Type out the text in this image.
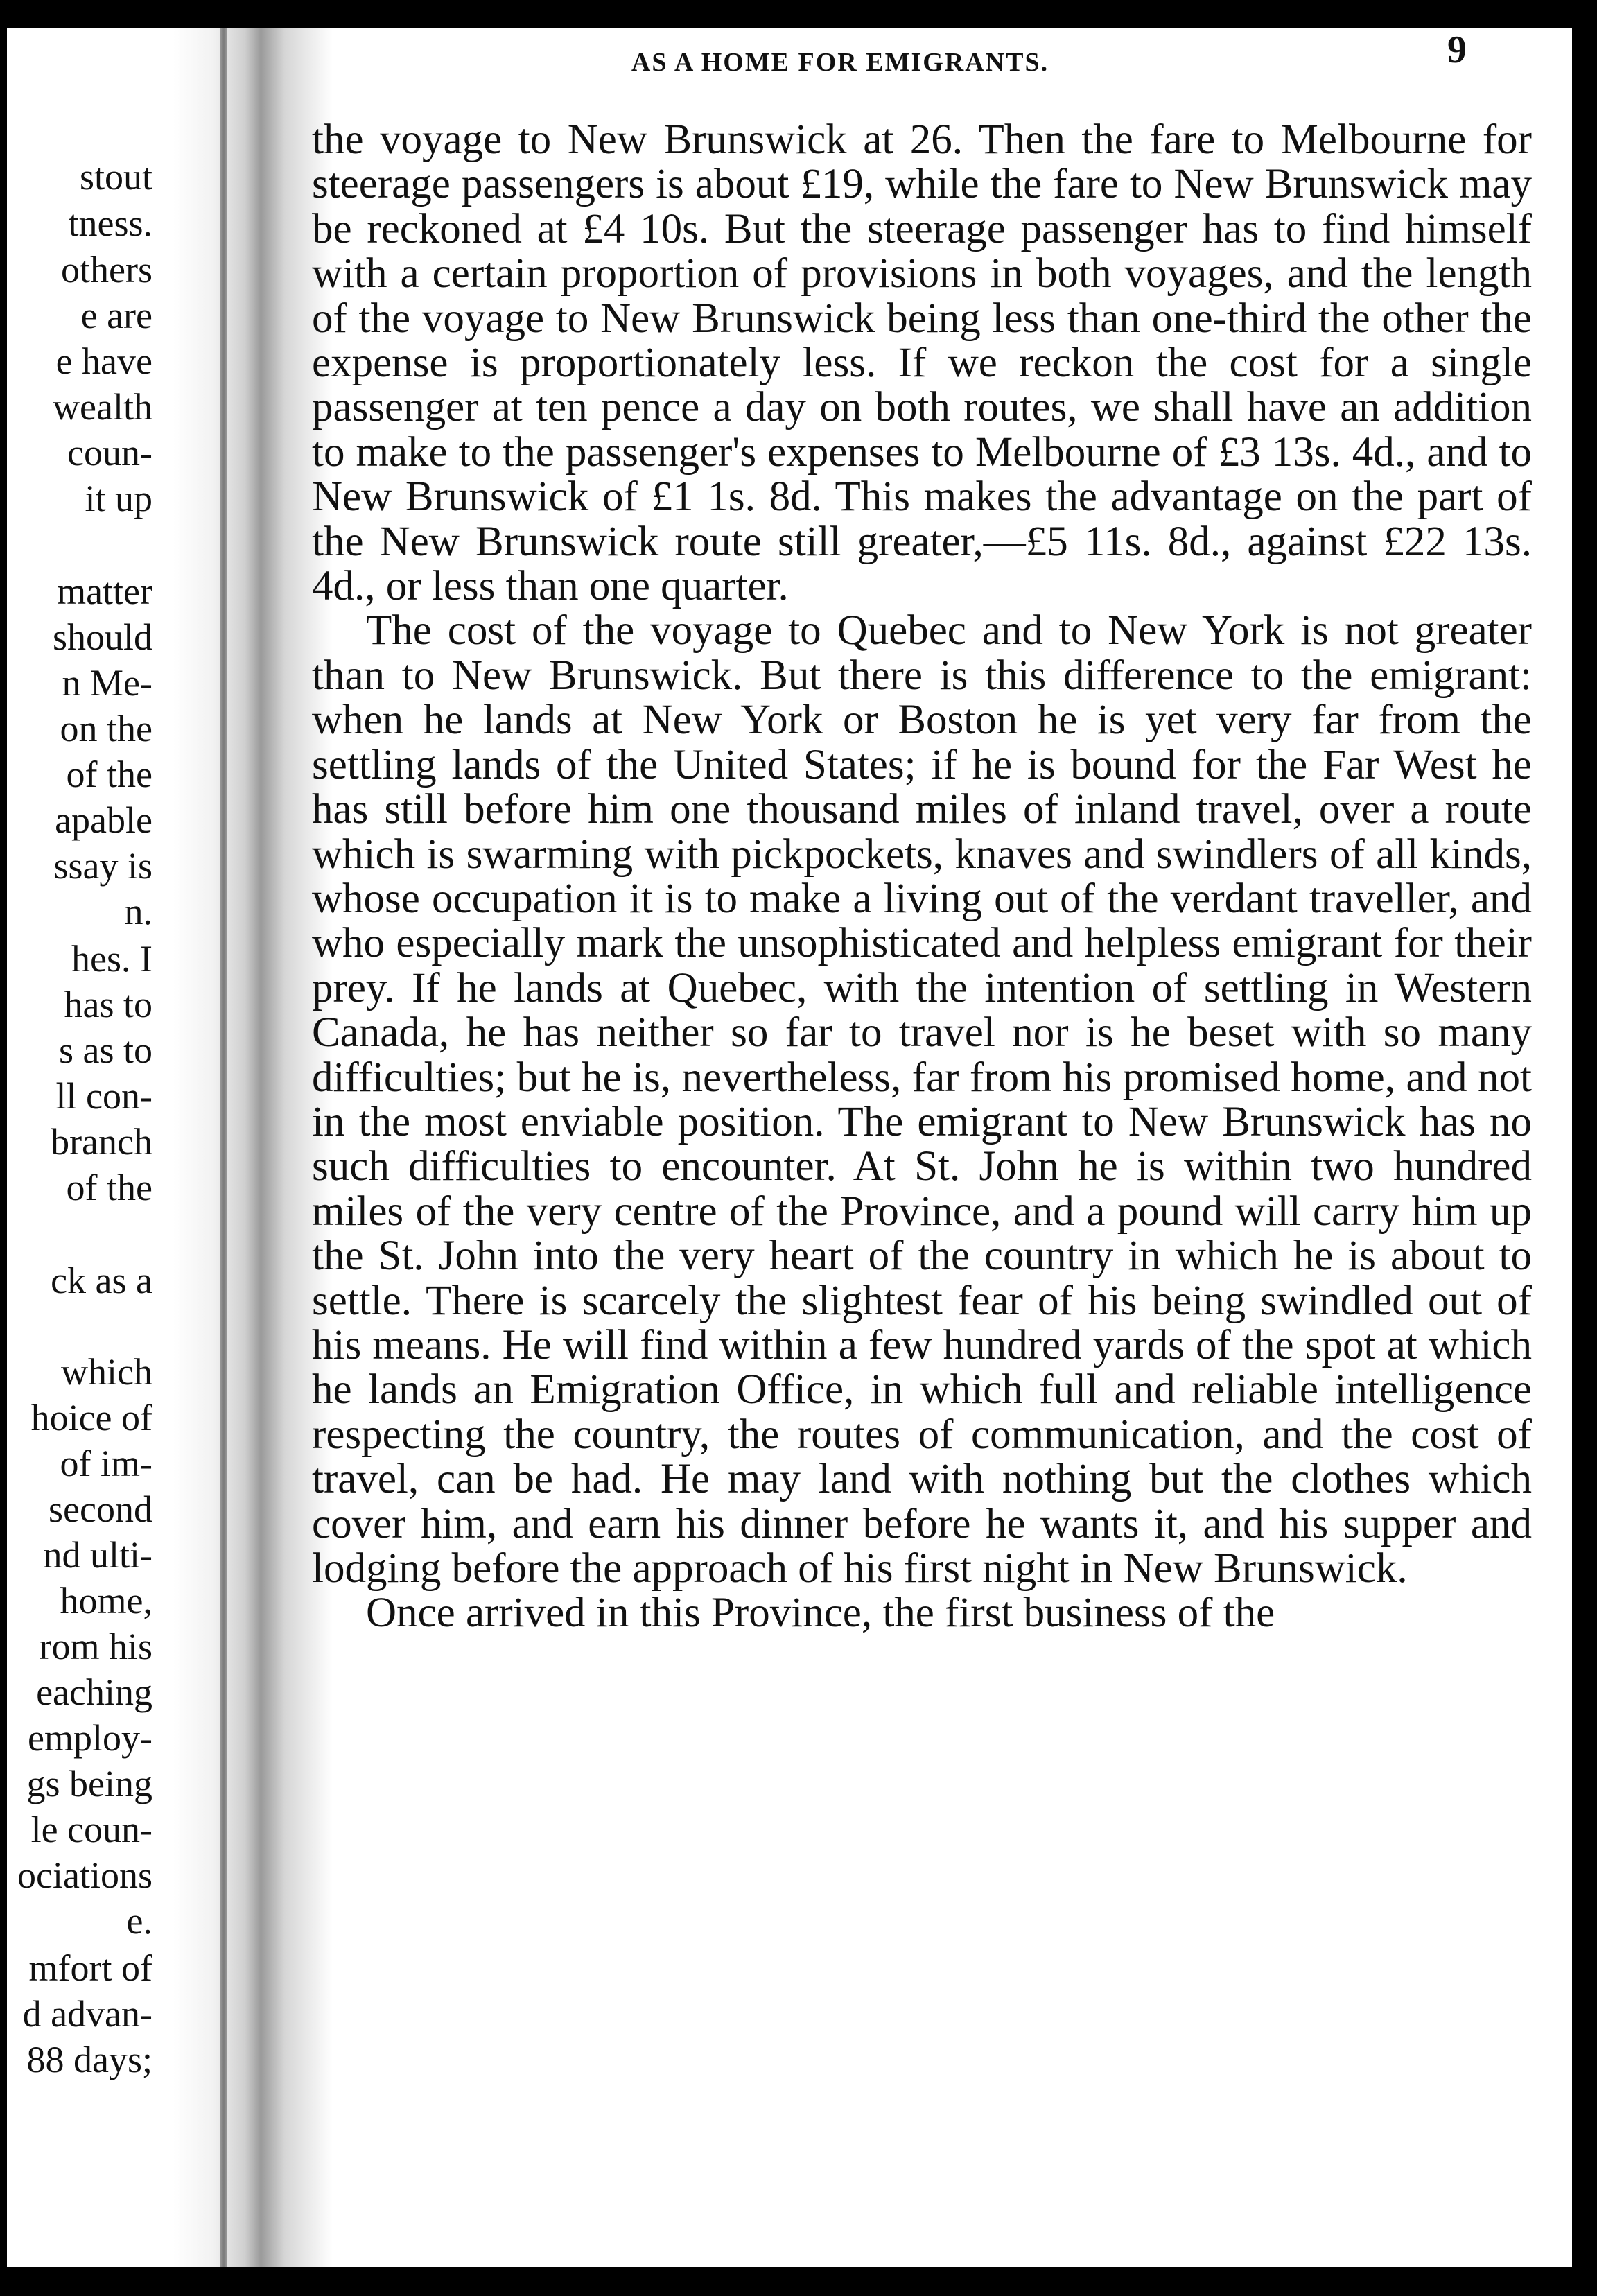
stout
tness.
others
e are
e have
wealth
coun-
it up
matter
should
n Me-
on the
of the
apable
ssay is
n.
hes. I
has to
s as to
ll con-
branch
of the
ck as a
which
hoice of
of im-
second
nd ulti-
home,
rom his
eaching
employ-
gs being
le coun-
ociations
e.
mfort of
d advan-
88 days;
AS A HOME FOR EMIGRANTS.	9

the voyage to New Brunswick at 26. Then the fare to Melbourne for steerage passengers is about £19, while the fare to New Brunswick may be reckoned at £4 10s. But the steerage passenger has to find himself with a certain proportion of provisions in both voyages, and the length of the voyage to New Brunswick being less than one-third the other the expense is proportionately less. If we reckon the cost for a single passenger at ten pence a day on both routes, we shall have an addition to make to the passenger's expenses to Melbourne of £3 13s. 4d., and to New Brunswick of £1 1s. 8d. This makes the advantage on the part of the New Brunswick route still greater,—£5 11s. 8d., against £22 13s. 4d., or less than one quarter.

The cost of the voyage to Quebec and to New York is not greater than to New Brunswick. But there is this difference to the emigrant: when he lands at New York or Boston he is yet very far from the settling lands of the United States; if he is bound for the Far West he has still before him one thousand miles of inland travel, over a route which is swarming with pickpockets, knaves and swindlers of all kinds, whose occupation it is to make a living out of the verdant traveller, and who especially mark the unsophisticated and helpless emigrant for their prey. If he lands at Quebec, with the intention of settling in Western Canada, he has neither so far to travel nor is he beset with so many difficulties; but he is, nevertheless, far from his promised home, and not in the most enviable position. The emigrant to New Brunswick has no such difficulties to encounter. At St. John he is within two hundred miles of the very centre of the Province, and a pound will carry him up the St. John into the very heart of the country in which he is about to settle. There is scarcely the slightest fear of his being swindled out of his means. He will find within a few hundred yards of the spot at which he lands an Emigration Office, in which full and reliable intelligence respecting the country, the routes of communication, and the cost of travel, can be had. He may land with nothing but the clothes which cover him, and earn his dinner before he wants it, and his supper and lodging before the approach of his first night in New Brunswick.

Once arrived in this Province, the first business of the
